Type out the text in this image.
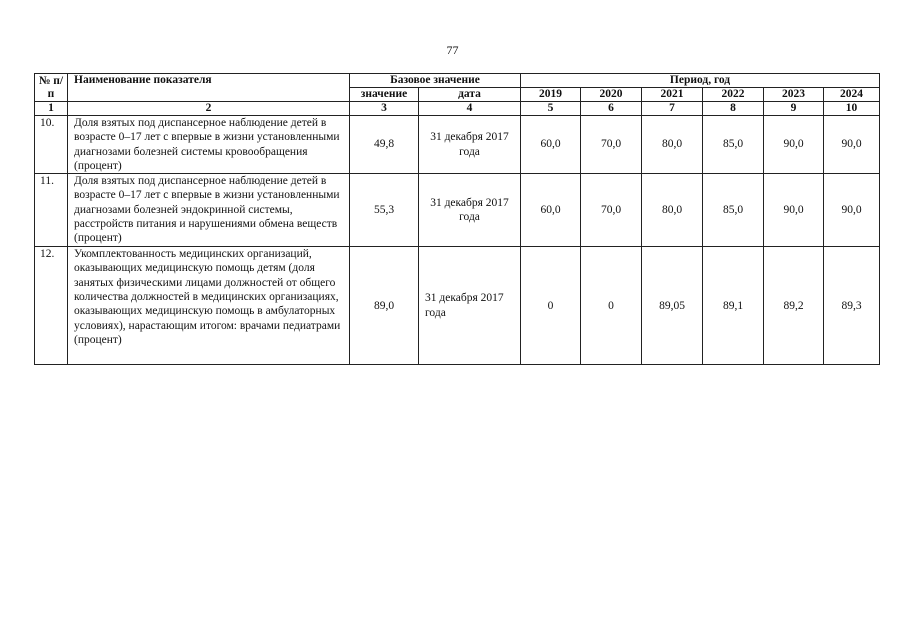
77
№ п/п	Наименование показателя	Базовое значение		Период, год					
		значение	дата	2019	2020	2021	2022	2023	2024
1	2	3	4	5	6	7	8	9	10
10.	Доля взятых под диспансерное наблюдение детей в возрасте 0–17 лет с впервые в жизни установленными диагнозами болезней системы кровообращения (процент)	49,8	31 декабря 2017 года	60,0	70,0	80,0	85,0	90,0	90,0
11.	Доля взятых под диспансерное наблюдение детей в возрасте 0–17 лет с впервые в жизни установленными диагнозами болезней эндокринной системы, расстройств питания и нарушениями обмена веществ (процент)	55,3	31 декабря 2017 года	60,0	70,0	80,0	85,0	90,0	90,0
12.	Укомплектованность медицинских организаций, оказывающих медицинскую помощь детям (доля занятых физическими лицами должностей от общего количества должностей в медицинских организациях, оказывающих медицинскую помощь в амбулаторных условиях), нарастающим итогом: врачами педиатрами (процент)	89,0	31 декабря 2017 года	0	0	89,05	89,1	89,2	89,3
